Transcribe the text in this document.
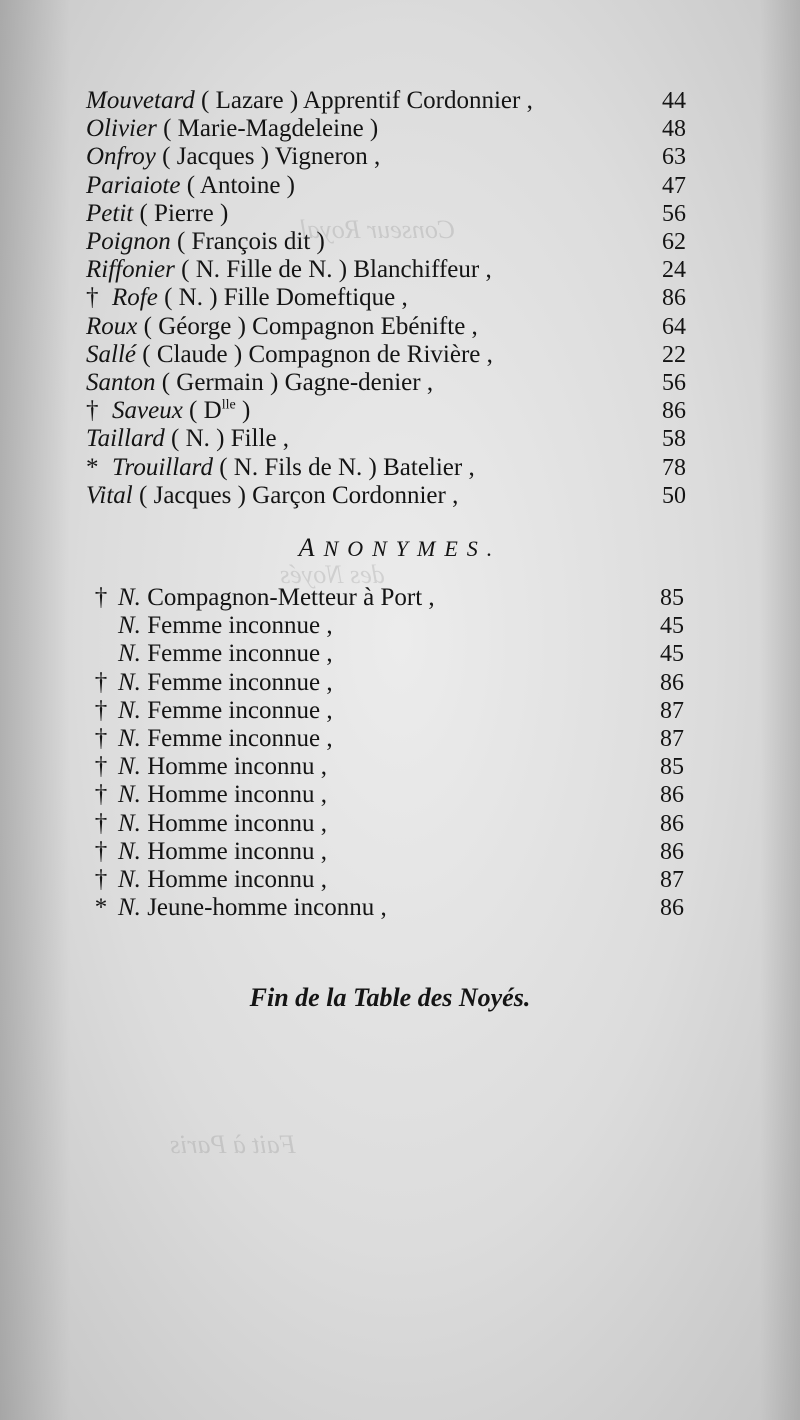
Conseur Royal
des Noyés
Fait à Paris
Mouvetard ( Lazare ) Apprentif Cordonnier ,	44
Olivier ( Marie-Magdeleine )	48
Onfroy ( Jacques ) Vigneron ,	63
Pariaiote ( Antoine )	47
Petit ( Pierre )	56
Poignon ( François dit )	62
Riffonier ( N. Fille de N. ) Blanchiffeur ,	24
† Rofe ( N. ) Fille Domeftique ,	86
Roux ( Géorge ) Compagnon Ebénifte ,	64
Sallé ( Claude ) Compagnon de Rivière ,	22
Santon ( Germain ) Gagne-denier ,	56
† Saveux ( $D^{lle}$ )	86
Taillard ( N. ) Fille ,	58
* Trouillard ( N. Fils de N. ) Batelier ,	78
Vital ( Jacques ) Garçon Cordonnier ,	50
ANONYMES.
† N. Compagnon-Metteur à Port ,	85
N. Femme inconnue ,	45
N. Femme inconnue ,	45
† N. Femme inconnue ,	86
† N. Femme inconnue ,	87
† N. Femme inconnue ,	87
† N. Homme inconnu ,	85
† N. Homme inconnu ,	86
† N. Homme inconnu ,	86
† N. Homme inconnu ,	86
† N. Homme inconnu ,	87
* N. Jeune-homme inconnu ,	86
Fin de la Table des Noyés.
